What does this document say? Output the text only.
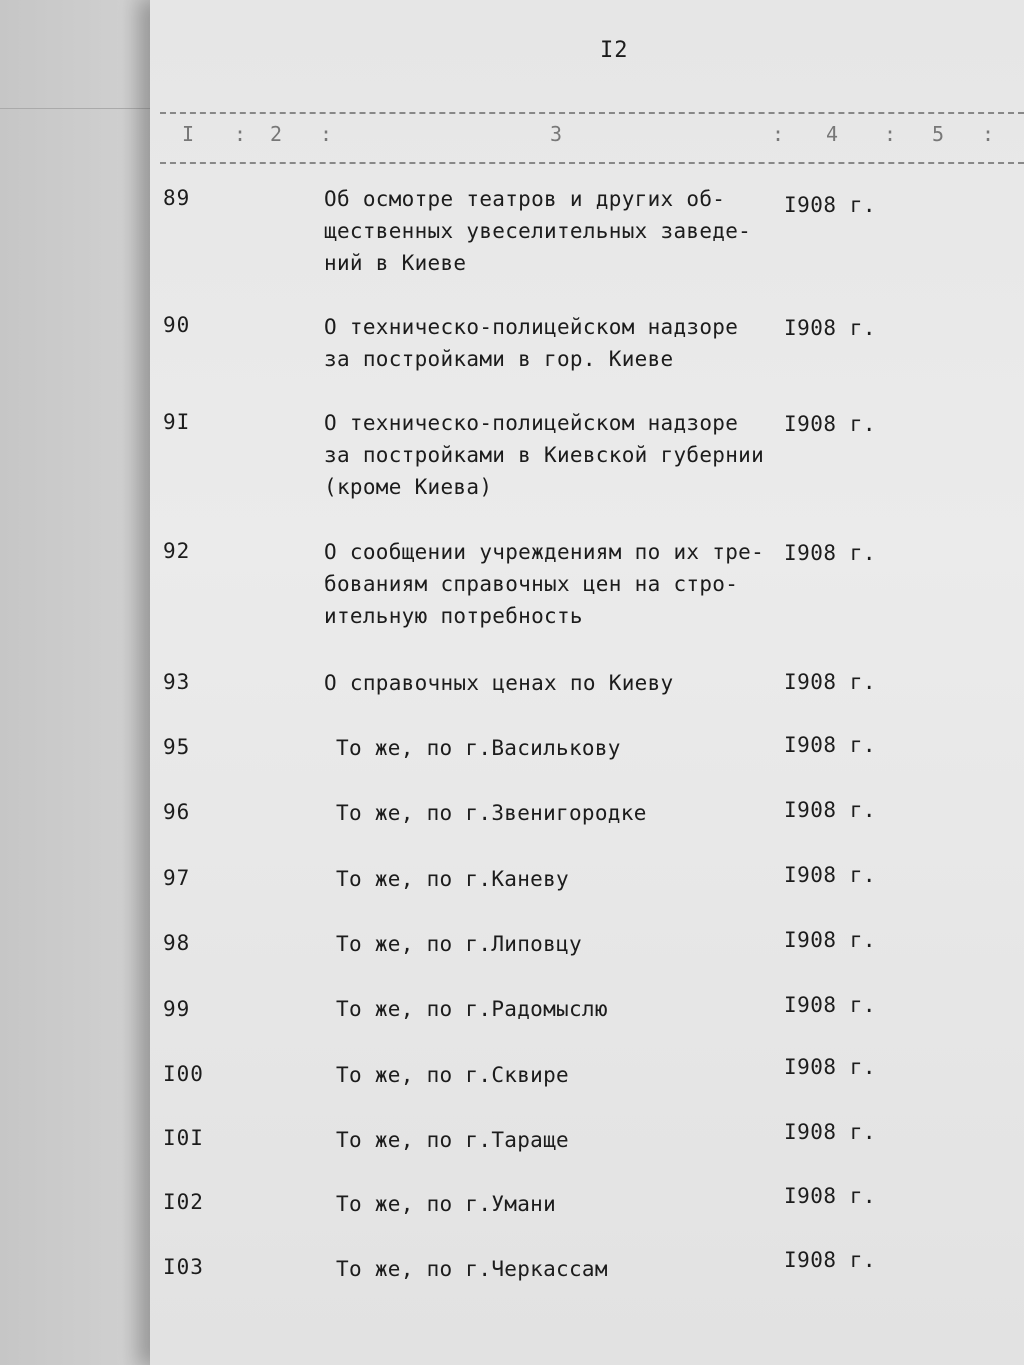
I2
I : 2 :	3	: 4 : 5 :
89	Об осмотре театров и других об-
щественных увеселительных заведе-
ний в Киеве
I908 г.
90	О техническо-полицейском надзоре
за постройками в гор. Киеве
I908 г.
9I	О техническо-полицейском надзоре
за постройками в Киевской губернии
(кроме Киева)
I908 г.
92	О сообщении учреждениям по их тре-
бованиям справочных цен на стро-
ительную потребность
I908 г.
93	О справочных ценах по Киеву	I908 г.
95	То же, по г.Василькову	I908 г.
96	То же, по г.Звенигородке	I908 г.
97	То же, по г.Каневу	I908 г.
98	То же, по г.Липовцу	I908 г.
99	То же, по г.Радомыслю	I908 г.
I00	То же, по г.Сквире	I908 г.
I0I	То же, по г.Таращe	I908 г.
I02	То же, по г.Умани	I908 г.
I03	То же, по г.Черкассам	I908 г.
